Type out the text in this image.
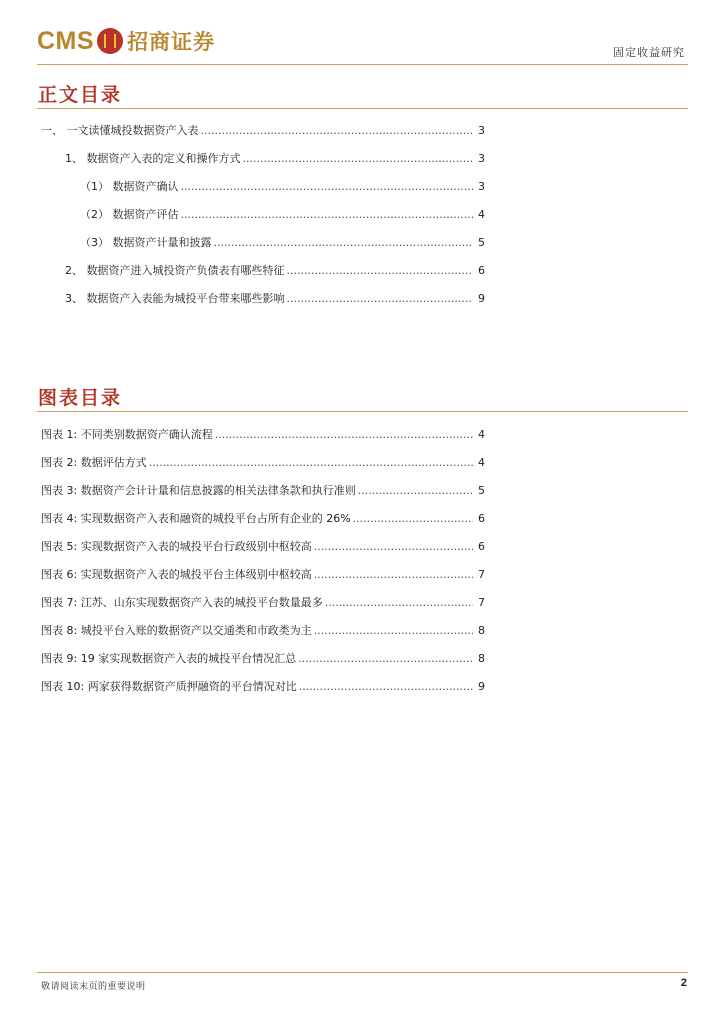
CMS 招商证券	固定收益研究
正文目录
一、 一文读懂城投数据资产入表 .....	3
1、 数据资产入表的定义和操作方式 .....	3
（1） 数据资产确认 .....	3
（2） 数据资产评估 .....	4
（3） 数据资产计量和披露 .....	5
2、 数据资产进入城投资产负债表有哪些特征 .....	6
3、 数据资产入表能为城投平台带来哪些影响 .....	9
图表目录
图表 1: 不同类别数据资产确认流程 .....	4
图表 2: 数据评估方式 .....	4
图表 3: 数据资产会计计量和信息披露的相关法律条款和执行准则 .....	5
图表 4: 实现数据资产入表和融资的城投平台占所有企业的 26% .....	6
图表 5: 实现数据资产入表的城投平台行政级别中枢较高 .....	6
图表 6: 实现数据资产入表的城投平台主体级别中枢较高 .....	7
图表 7: 江苏、山东实现数据资产入表的城投平台数量最多 .....	7
图表 8: 城投平台入账的数据资产以交通类和市政类为主 .....	8
图表 9: 19 家实现数据资产入表的城投平台情况汇总 .....	8
图表 10: 两家获得数据资产质押融资的平台情况对比 .....	9
敬请阅读末页的重要说明	2
